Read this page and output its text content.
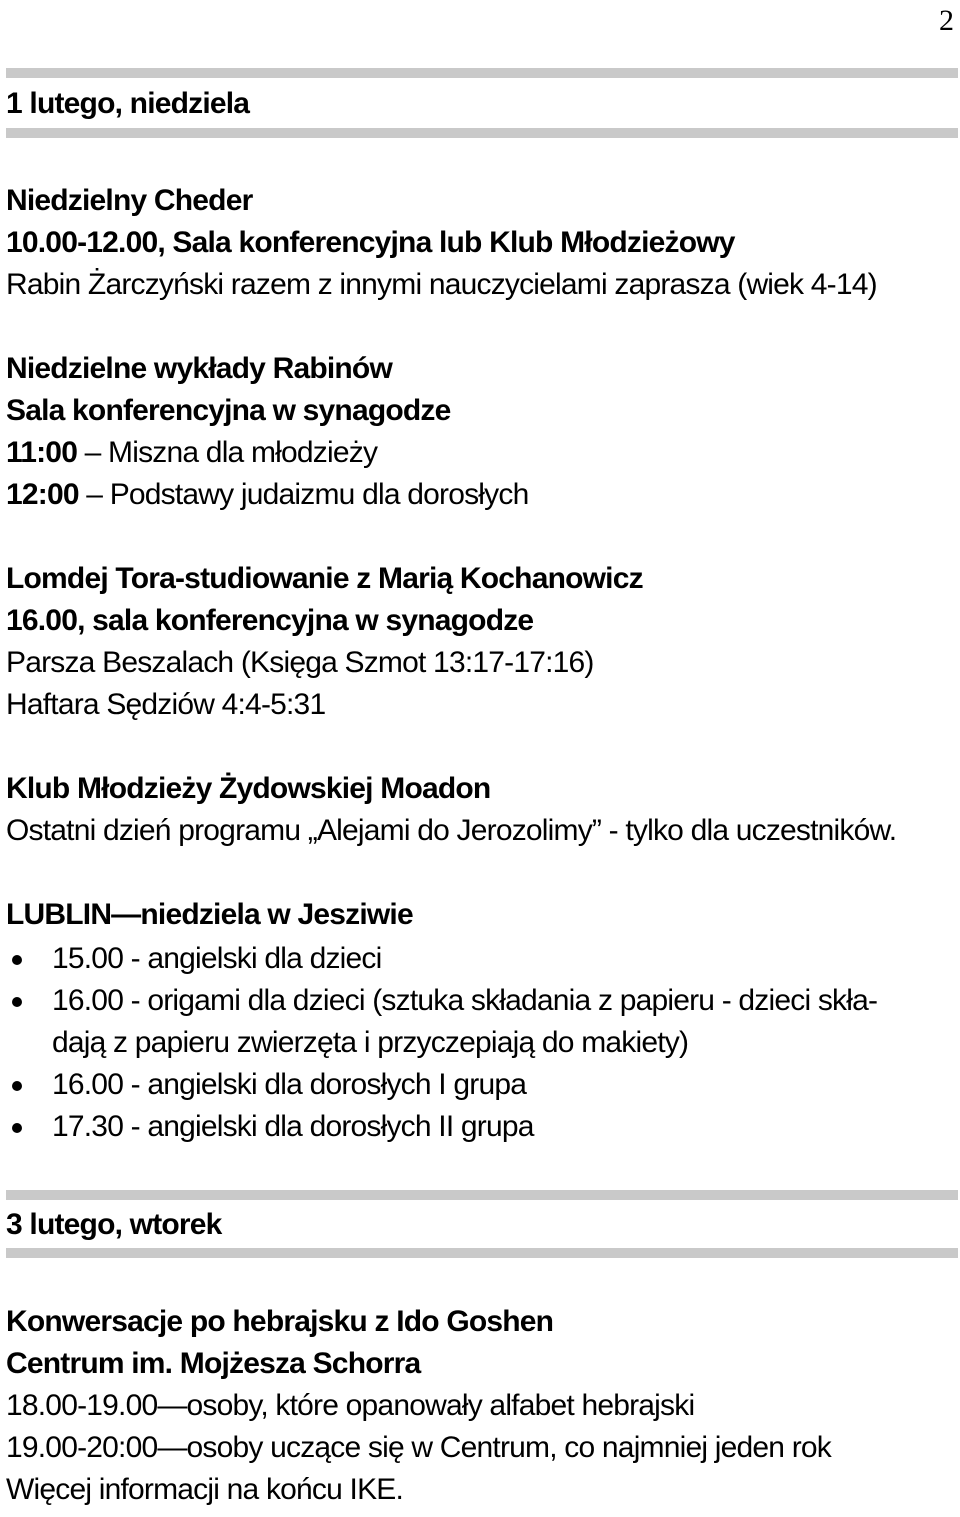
2
1 lutego, niedziela
Niedzielny Cheder
10.00-12.00, Sala konferencyjna lub Klub Młodzieżowy
Rabin Żarczyński razem z innymi nauczycielami zaprasza (wiek 4-14)
Niedzielne wykłady Rabinów
Sala konferencyjna w synagodze
11:00 – Miszna dla młodzieży
12:00 – Podstawy judaizmu dla dorosłych
Lomdej Tora-studiowanie z Marią Kochanowicz
16.00, sala konferencyjna w synagodze
Parsza Beszalach (Księga Szmot 13:17-17:16)
Haftara Sędziów 4:4-5:31
Klub Młodzieży Żydowskiej Moadon
Ostatni dzień programu „Alejami do Jerozolimy” - tylko dla uczestników.
LUBLIN—niedziela w Jesziwie
15.00 - angielski dla dzieci
16.00 - origami dla dzieci (sztuka składania z papieru - dzieci skła-
dają z papieru zwierzęta i przyczepiają do makiety)
16.00 - angielski dla dorosłych I grupa
17.30 - angielski dla dorosłych II grupa
3 lutego, wtorek
Konwersacje po hebrajsku z Ido Goshen
Centrum im. Mojżesza Schorra
18.00-19.00—osoby, które opanowały alfabet hebrajski
19.00-20:00—osoby uczące się w Centrum, co najmniej jeden rok
Więcej informacji na końcu IKE.
